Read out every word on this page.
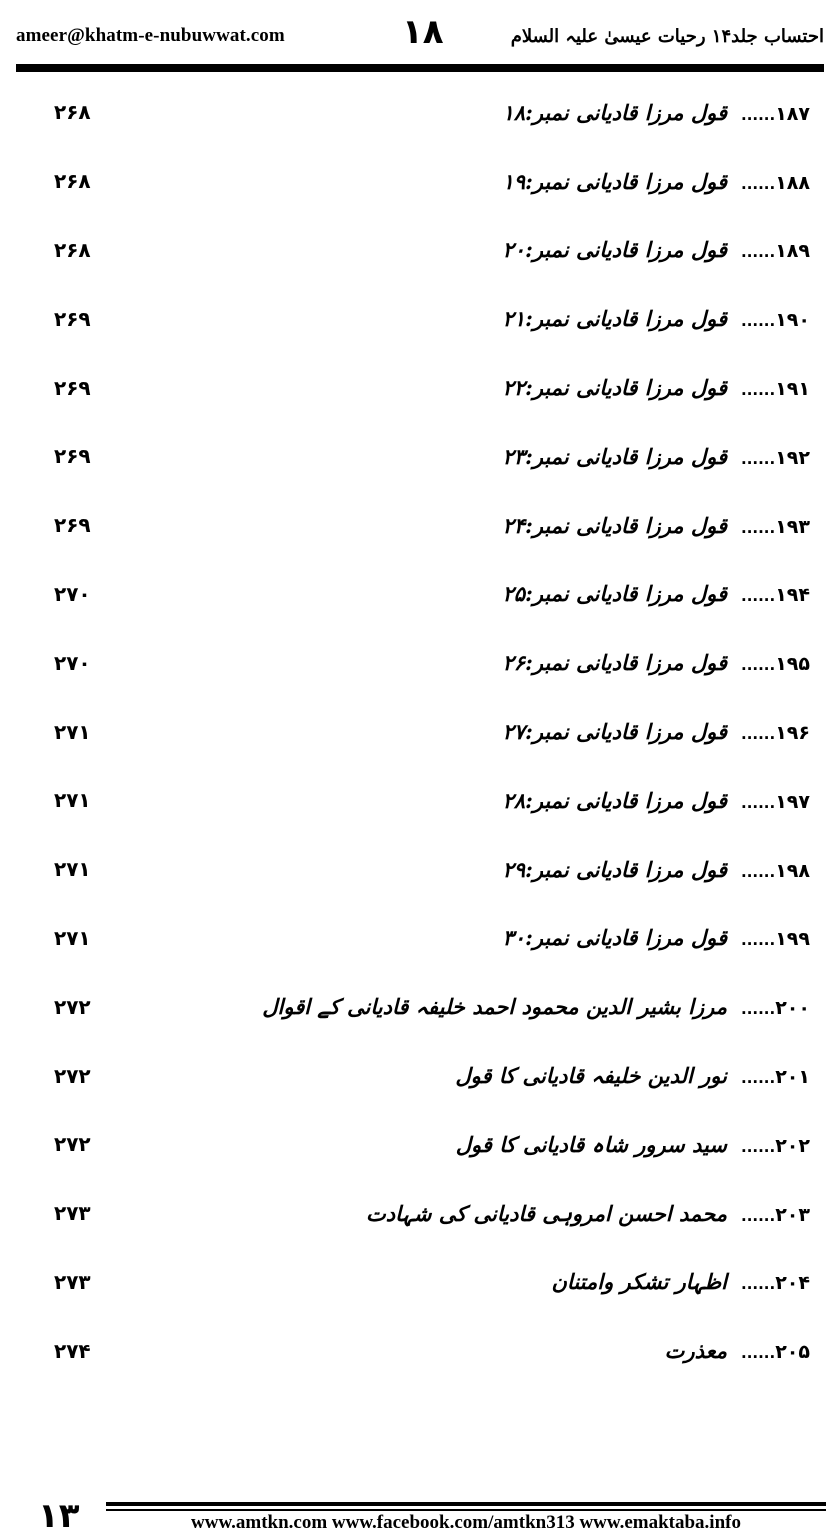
ameer@khatm-e-nubuwwat.com	۱۸	احتساب جلد۱۴ رحیات عیسیٰ علیہ السلام
۲۶۸	۱۸۷......قول مرزا قادیانی نمبر:۱۸
۲۶۸	۱۸۸......قول مرزا قادیانی نمبر:۱۹
۲۶۸	۱۸۹......قول مرزا قادیانی نمبر:۲۰
۲۶۹	۱۹۰......قول مرزا قادیانی نمبر:۲۱
۲۶۹	۱۹۱......قول مرزا قادیانی نمبر:۲۲
۲۶۹	۱۹۲......قول مرزا قادیانی نمبر:۲۳
۲۶۹	۱۹۳......قول مرزا قادیانی نمبر:۲۴
۲۷۰	۱۹۴......قول مرزا قادیانی نمبر:۲۵
۲۷۰	۱۹۵......قول مرزا قادیانی نمبر:۲۶
۲۷۱	۱۹۶......قول مرزا قادیانی نمبر:۲۷
۲۷۱	۱۹۷......قول مرزا قادیانی نمبر:۲۸
۲۷۱	۱۹۸......قول مرزا قادیانی نمبر:۲۹
۲۷۱	۱۹۹......قول مرزا قادیانی نمبر:۳۰
۲۷۲	۲۰۰......مرزا بشیر الدین محمود احمد خلیفہ قادیانی کے اقوال
۲۷۲	۲۰۱......نور الدین خلیفہ قادیانی کا قول
۲۷۲	۲۰۲......سید سرور شاہ قادیانی کا قول
۲۷۳	۲۰۳......محمد احسن امروہی قادیانی کی شہادت
۲۷۳	۲۰۴......اظہار تشکر وامتنان
۲۷۴	۲۰۵......معذرت
۱۳	www.amtkn.com www.facebook.com/amtkn313 www.emaktaba.info
